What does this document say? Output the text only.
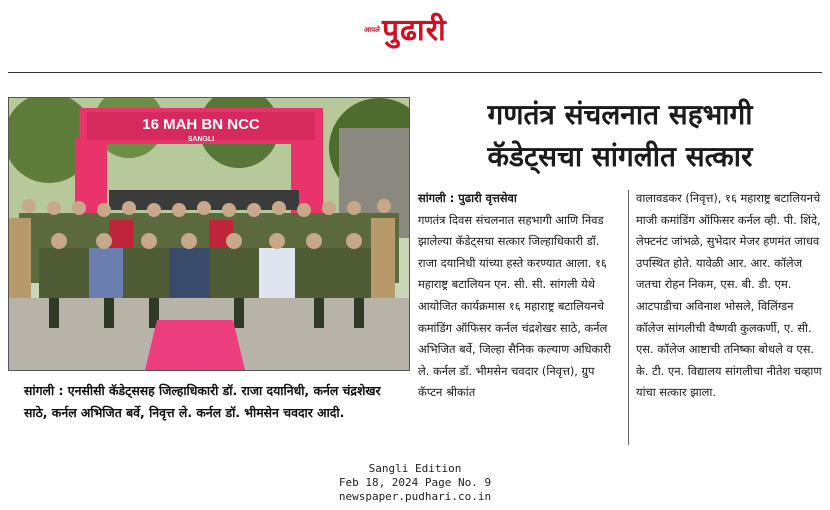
आपले पुढारी
16 MAH BN NCC
SANGLI
सांगली : एनसीसी कॅडेट्ससह जिल्हाधिकारी डॉ. राजा दयानिधी, कर्नल चंद्रशेखर साठे, कर्नल अभिजित बर्वे, निवृत्त ले. कर्नल डॉ. भीमसेन चवदार आदी.
गणतंत्र संचलनात सहभागी
कॅडेट्सचा सांगलीत सत्कार
सांगली : पुढारी वृत्तसेवा
गणतंत्र दिवस संचलनात सहभागी आणि निवड झालेल्या कॅडेट्सचा सत्कार जिल्हाधिकारी डॉ. राजा दयानिधी यांच्या हस्ते करण्यात आला. १६ महाराष्ट्र बटालियन एन. सी. सी. सांगली येथे आयोजित कार्यक्रमास १६ महाराष्ट्र बटालियनचे कमांडिंग ऑफिसर कर्नल चंद्रशेखर साठे, कर्नल अभिजित बर्वे, जिल्हा सैनिक कल्याण अधिकारी ले. कर्नल डॉ. भीमसेन चवदार (निवृत्त), ग्रुप कॅप्टन श्रीकांत
वालावडकर (निवृत्त), १६ महाराष्ट्र बटालियनचे माजी कमांडिंग ऑफिसर कर्नल व्ही. पी. शिंदे, लेफ्टनंट जांभळे, सुभेदार मेजर हणमंत जाधव उपस्थित होते. यावेळी आर. आर. कॉलेज जतचा रोहन निकम, एस. बी. डी. एम. आटपाडीचा अविनाश भोसले, विलिंग्डन कॉलेज सांगलीची वैष्णवी कुलकर्णी, ए. सी. एस. कॉलेज आष्टाची तनिष्का बोधले व एस. के. टी. एन. विद्यालय सांगलीचा नीतेश चव्हाण यांचा सत्कार झाला.
Sangli Edition
Feb 18, 2024 Page No. 9
newspaper.pudhari.co.in
